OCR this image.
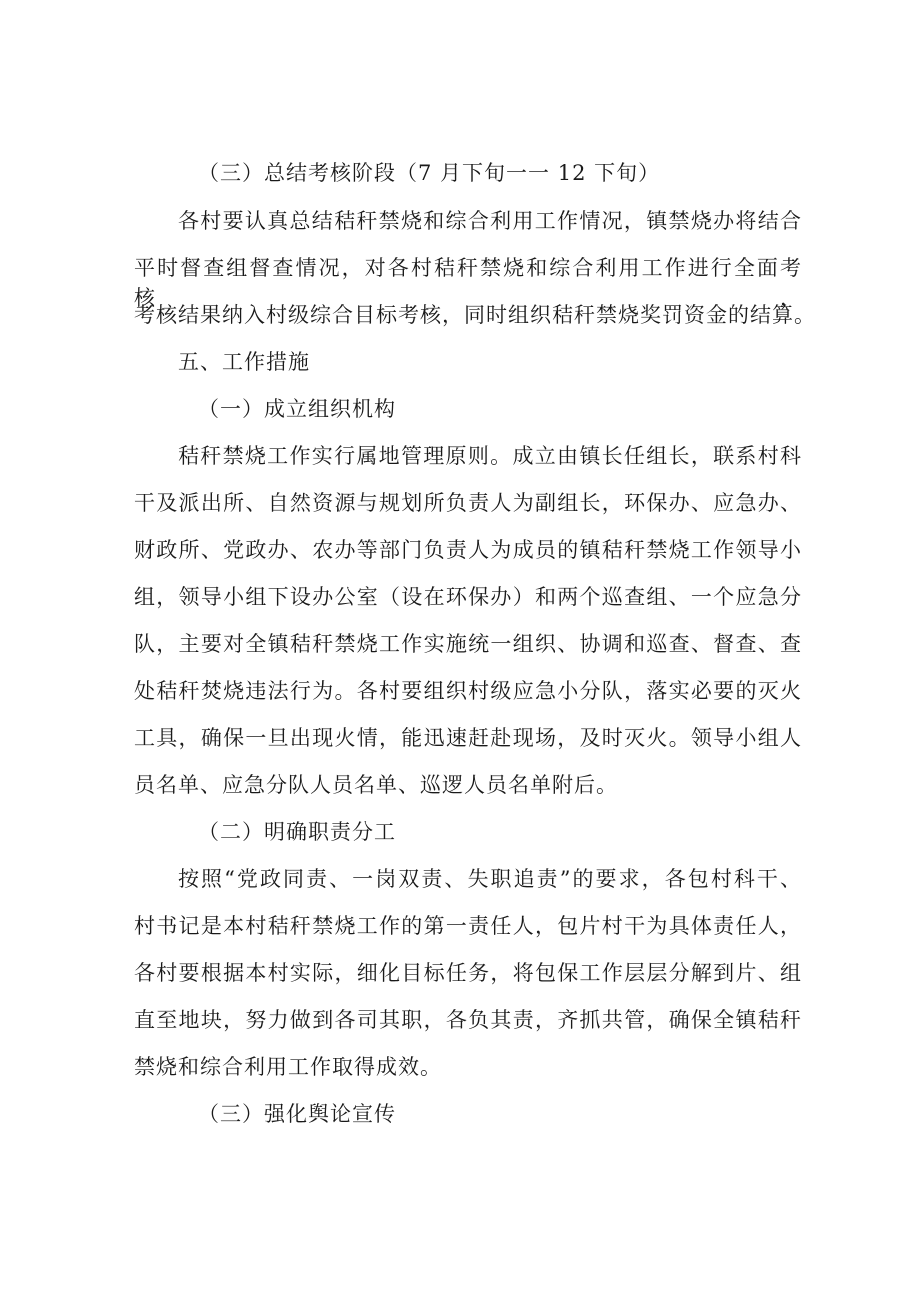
（三）总结考核阶段（7 月下旬一一 12 下旬）
各村要认真总结秸秆禁烧和综合利用工作情况，镇禁烧办将结合
平时督查组督查情况，对各村秸秆禁烧和综合利用工作进行全面考核，
考核结果纳入村级综合目标考核，同时组织秸秆禁烧奖罚资金的结算。
五、工作措施
（一）成立组织机构
秸秆禁烧工作实行属地管理原则。成立由镇长任组长，联系村科
干及派出所、自然资源与规划所负责人为副组长，环保办、应急办、
财政所、党政办、农办等部门负责人为成员的镇秸秆禁烧工作领导小
组，领导小组下设办公室（设在环保办）和两个巡查组、一个应急分
队，主要对全镇秸秆禁烧工作实施统一组织、协调和巡查、督查、查
处秸秆焚烧违法行为。各村要组织村级应急小分队，落实必要的灭火
工具，确保一旦出现火情，能迅速赶赴现场，及时灭火。领导小组人
员名单、应急分队人员名单、巡逻人员名单附后。
（二）明确职责分工
按照“党政同责、一岗双责、失职追责”的要求，各包村科干、
村书记是本村秸秆禁烧工作的第一责任人，包片村干为具体责任人，
各村要根据本村实际，细化目标任务，将包保工作层层分解到片、组
直至地块，努力做到各司其职，各负其责，齐抓共管，确保全镇秸秆
禁烧和综合利用工作取得成效。
（三）强化舆论宣传
